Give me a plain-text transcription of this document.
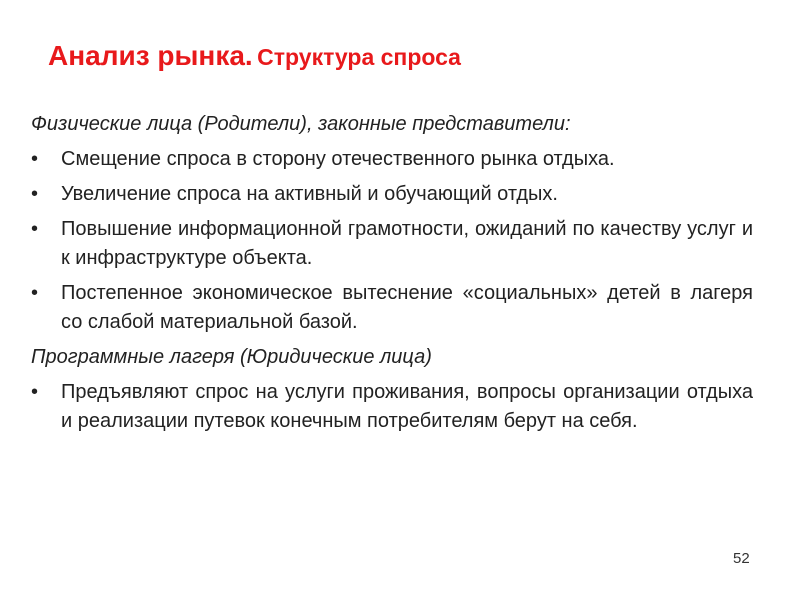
Анализ рынка. Структура спроса
Физические лица (Родители), законные представители:
• Смещение спроса в сторону отечественного рынка отдыха.
• Увеличение спроса на активный и обучающий отдых.
• Повышение информационной грамотности, ожиданий по качеству услуг и к инфраструктуре объекта.
• Постепенное экономическое вытеснение «социальных» детей в лагеря со слабой материальной базой.
Программные лагеря (Юридические лица)
• Предъявляют спрос на услуги проживания, вопросы организации отдыха и реализации путевок конечным потребителям берут на себя.
52
